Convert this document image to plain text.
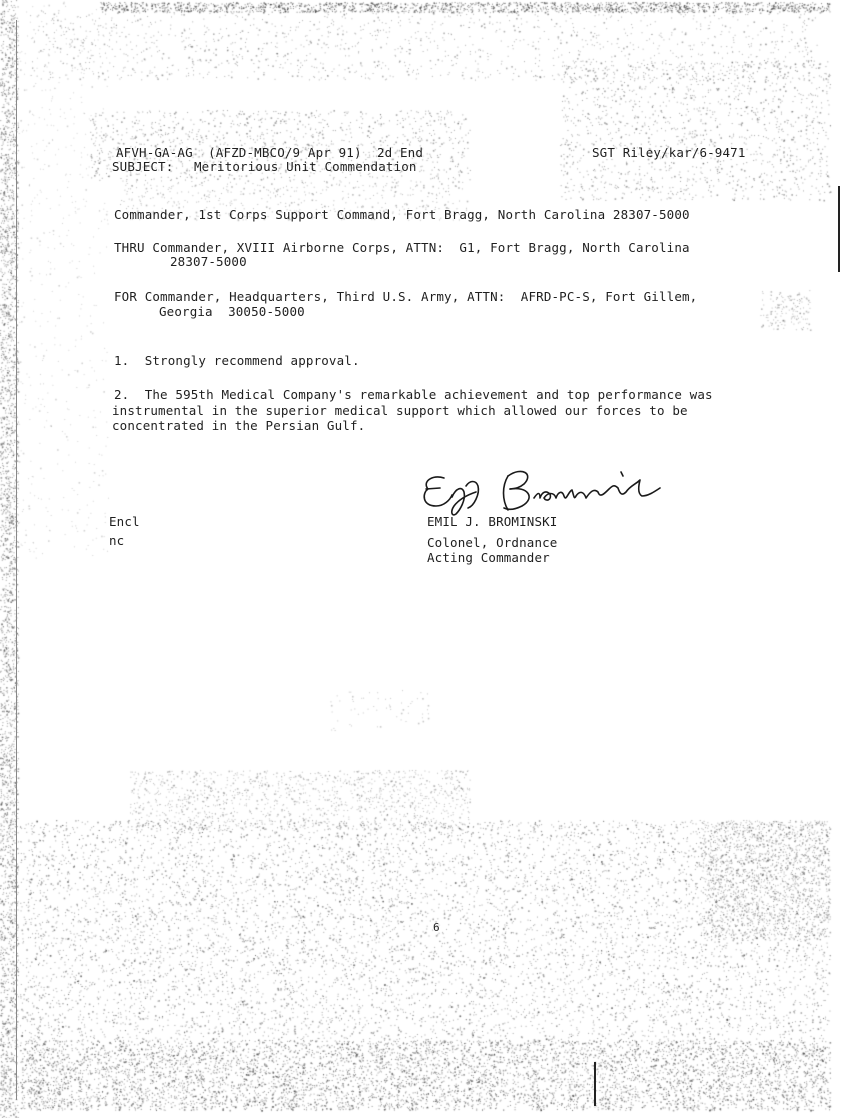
AFVH-GA-AG  (AFZD-MBCO/9 Apr 91)  2d End	SGT Riley/kar/6-9471
SUBJECT: Meritorious Unit Commendation
Commander, 1st Corps Support Command, Fort Bragg, North Carolina 28307-5000
THRU Commander, XVIII Airborne Corps, ATTN:  G1, Fort Bragg, North Carolina
28307-5000
FOR Commander, Headquarters, Third U.S. Army, ATTN:  AFRD-PC-S, Fort Gillem,
Georgia  30050-5000
1.  Strongly recommend approval.
2.  The 595th Medical Company's remarkable achievement and top performance was
instrumental in the superior medical support which allowed our forces to be
concentrated in the Persian Gulf.
EMIL J. BROMINSKI
Colonel, Ordnance
Acting Commander
Encl
nc
6
